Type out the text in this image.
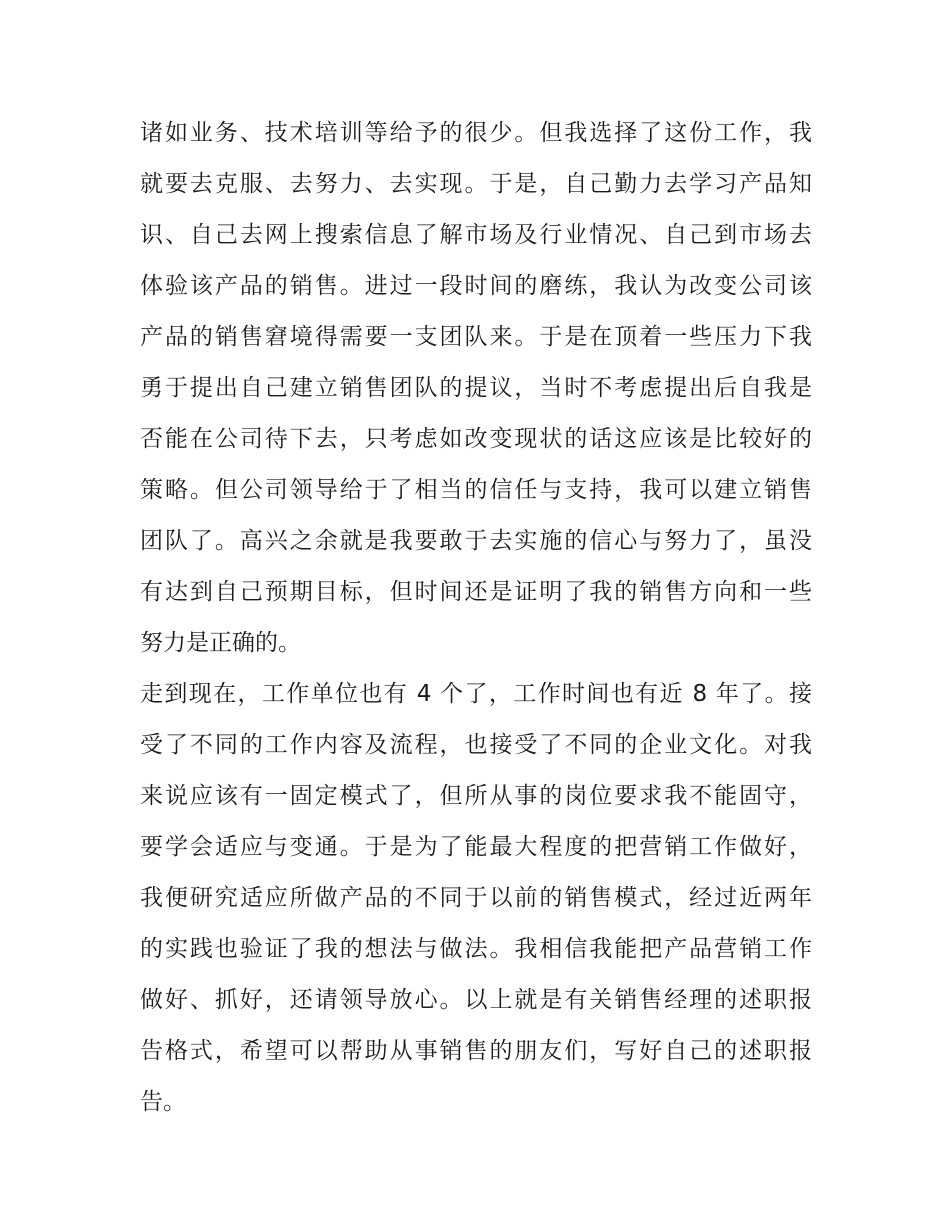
诸如业务、技术培训等给予的很少。但我选择了这份工作，我
就要去克服、去努力、去实现。于是，自己勤力去学习产品知
识、自己去网上搜索信息了解市场及行业情况、自己到市场去
体验该产品的销售。进过一段时间的磨练，我认为改变公司该
产品的销售窘境得需要一支团队来。于是在顶着一些压力下我
勇于提出自己建立销售团队的提议，当时不考虑提出后自我是
否能在公司待下去，只考虑如改变现状的话这应该是比较好的
策略。但公司领导给于了相当的信任与支持，我可以建立销售
团队了。高兴之余就是我要敢于去实施的信心与努力了，虽没
有达到自己预期目标，但时间还是证明了我的销售方向和一些
努力是正确的。
走到现在，工作单位也有 4 个了，工作时间也有近 8 年了。接
受了不同的工作内容及流程，也接受了不同的企业文化。对我
来说应该有一固定模式了，但所从事的岗位要求我不能固守，
要学会适应与变通。于是为了能最大程度的把营销工作做好，
我便研究适应所做产品的不同于以前的销售模式，经过近两年
的实践也验证了我的想法与做法。我相信我能把产品营销工作
做好、抓好，还请领导放心。以上就是有关销售经理的述职报
告格式，希望可以帮助从事销售的朋友们，写好自己的述职报
告。
